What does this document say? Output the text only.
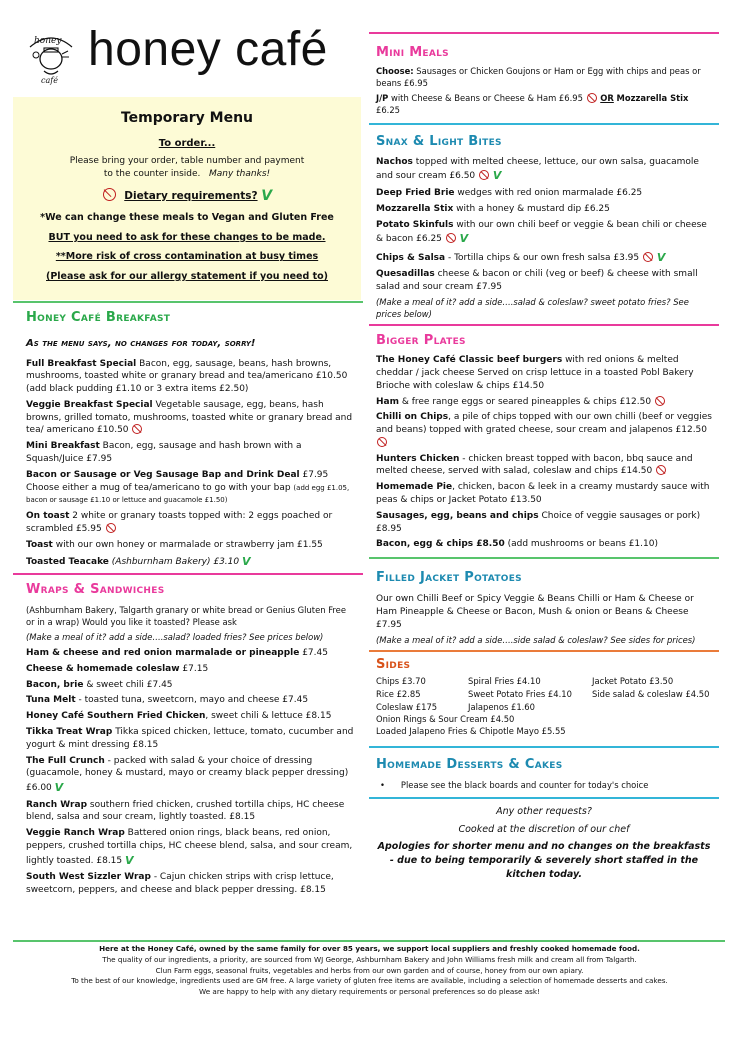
honey
café
honey café
Temporary Menu
To order...
Please bring your order, table number and payment
to the counter inside. Many thanks!
Dietary requirements? V
*We can change these meals to Vegan and Gluten Free
BUT you need to ask for these changes to be made.
**More risk of cross contamination at busy times
(Please ask for our allergy statement if you need to)
Honey Café Breakfast
As the menu says, no changes for today, sorry!

Full Breakfast Special Bacon, egg, sausage, beans, hash browns, mushrooms, toasted white or granary bread and tea/americano £10.50 (add black pudding £1.10 or 3 extra items £2.50)

Veggie Breakfast Special Vegetable sausage, egg, beans, hash browns, grilled tomato, mushrooms, toasted white or granary bread and tea/ americano £10.50

Mini Breakfast Bacon, egg, sausage and hash brown with a Squash/Juice £7.95

Bacon or Sausage or Veg Sausage Bap and Drink Deal £7.95 Choose either a mug of tea/americano to go with your bap (add egg £1.05, bacon or sausage £1.10 or lettuce and guacamole £1.50)

On toast 2 white or granary toasts topped with: 2 eggs poached or scrambled £5.95

Toast with our own honey or marmalade or strawberry jam £1.55

Toasted Teacake (Ashburnham Bakery) £3.10 V

Wraps & Sandwiches

(Ashburnham Bakery, Talgarth granary or white bread or Genius Gluten Free or in a wrap) Would you like it toasted? Please ask

(Make a meal of it? add a side….salad? loaded fries? See prices below)

Ham & cheese and red onion marmalade or pineapple £7.45

Cheese & homemade coleslaw £7.15

Bacon, brie & sweet chili £7.45

Tuna Melt - toasted tuna, sweetcorn, mayo and cheese £7.45

Honey Café Southern Fried Chicken, sweet chili & lettuce £8.15

Tikka Treat Wrap Tikka spiced chicken, lettuce, tomato, cucumber and yogurt & mint dressing £8.15

The Full Crunch - packed with salad & your choice of dressing (guacamole, honey & mustard, mayo or creamy black pepper dressing) £6.00 V

Ranch Wrap southern fried chicken, crushed tortilla chips, HC cheese blend, salsa and sour cream, lightly toasted. £8.15

Veggie Ranch Wrap Battered onion rings, black beans, red onion, peppers, crushed tortilla chips, HC cheese blend, salsa, and sour cream, lightly toasted. £8.15 V

South West Sizzler Wrap - Cajun chicken strips with crisp lettuce, sweetcorn, peppers, and cheese and black pepper dressing. £8.15

Mini Meals

Choose: Sausages or Chicken Goujons or Ham or Egg with chips and peas or beans £6.95

J/P with Cheese & Beans or Cheese & Ham £6.95 OR Mozzarella Stix £6.25

Snax & Light Bites

Nachos topped with melted cheese, lettuce, our own salsa, guacamole and sour cream £6.50 V

Deep Fried Brie wedges with red onion marmalade £6.25

Mozzarella Stix with a honey & mustard dip £6.25

Potato Skinfuls with our own chili beef or veggie & bean chili or cheese & bacon £6.25 V

Chips & Salsa - Tortilla chips & our own fresh salsa £3.95 V

Quesadillas cheese & bacon or chili (veg or beef) & cheese with small salad and sour cream £7.95

(Make a meal of it? add a side….salad & coleslaw? sweet potato fries? See prices below)

Bigger Plates

The Honey Café Classic beef burgers with red onions & melted cheddar / jack cheese Served on crisp lettuce in a toasted Pobl Bakery Brioche with coleslaw & chips £14.50

Ham & free range eggs or seared pineapples & chips £12.50

Chilli on Chips, a pile of chips topped with our own chilli (beef or veggies and beans) topped with grated cheese, sour cream and jalapenos £12.50

Hunters Chicken - chicken breast topped with bacon, bbq sauce and melted cheese, served with salad, coleslaw and chips £14.50

Homemade Pie, chicken, bacon & leek in a creamy mustardy sauce with peas & chips or Jacket Potato £13.50

Sausages, egg, beans and chips Choice of veggie sausages or pork) £8.95

Bacon, egg & chips £8.50 (add mushrooms or beans £1.10)

Filled Jacket Potatoes

Our own Chilli Beef or Spicy Veggie & Beans Chilli or Ham & Cheese or Ham Pineapple & Cheese or Bacon, Mush & onion or Beans & Cheese £7.95

(Make a meal of it? add a side….side salad & coleslaw? See sides for prices)

Sides
Chips £3.70	Spiral Fries £4.10	Jacket Potato £3.50
Rice £2.85	Sweet Potato Fries £4.10	Side salad & coleslaw £4.50
Coleslaw £175	Jalapenos £1.60
Onion Rings & Sour Cream £4.50
Loaded Jalapeno Fries & Chipotle Mayo £5.55
Homemade Desserts & Cakes
•      Please see the black boards and counter for today's choice
Any other requests?
Cooked at the discretion of our chef
Apologies for shorter menu and no changes on the breakfasts - due to being temporarily & severely short staffed in the kitchen today.
Here at the Honey Café, owned by the same family for over 85 years, we support local suppliers and freshly cooked homemade food.
The quality of our ingredients, a priority, are sourced from WJ George, Ashburnham Bakery and John Williams fresh milk and cream all from Talgarth.
Clun Farm eggs, seasonal fruits, vegetables and herbs from our own garden and of course, honey from our own apiary.
To the best of our knowledge, ingredients used are GM free. A large variety of gluten free items are available, including a selection of homemade desserts and cakes.
We are happy to help with any dietary requirements or personal preferences so do please ask!
